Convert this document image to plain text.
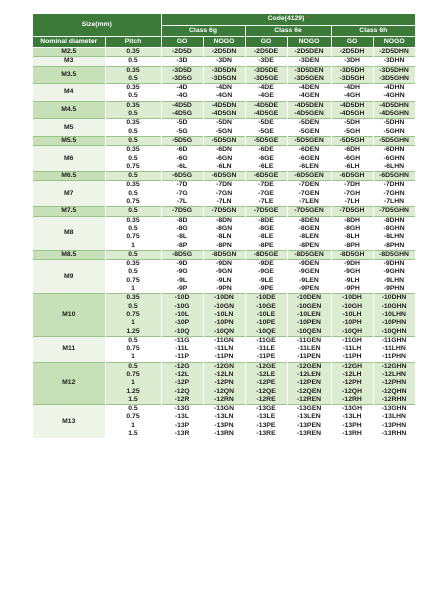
Size(mm)		Code(4129) *					
		Class 6g		Class 6e		Class 6h	
Nominal diameter	Pitch	GO	NOGO	GO	NOGO	GO	NOGO
M2.5	0.35	-2D5D	-2D5DN	-2D5DE	-2D5DEN	-2D5DH	-2D5DHN
M3	0.5	-3D	-3DN	-3DE	-3DEN	-3DH	-3DHN
M3.5	0.35	-3D5D	-3D5DN	-3D5DE	-3D5DEN	-3D5DH	-3D5DHN
	0.5	-3D5G	-3D5GN	-3D5GE	-3D5GEN	-3D5GH	-3D5GHN
M4	0.35	-4D	-4DN	-4DE	-4DEN	-4DH	-4DHN
	0.5	-4G	-4GN	-4GE	-4GEN	-4GH	-4GHN
M4.5	0.35	-4D5D	-4D5DN	-4D5DE	-4D5DEN	-4D5DH	-4D5DHN
	0.5	-4D5G	-4D5GN	-4D5GE	-4D5GEN	-4D5GH	-4D5GHN
M5	0.35	-5D	-5DN	-5DE	-5DEN	-5DH	-5DHN
	0.5	-5G	-5GN	-5GE	-5GEN	-5GH	-5GHN
M5.5	0.5	-5D5G	-5D5GN	-5D5GE	-5D5GEN	-5D5GH	-5D5GHN
M6	0.35	-6D	-6DN	-6DE	-6DEN	-6DH	-6DHN
	0.5	-6G	-6GN	-6GE	-6GEN	-6GH	-6GHN
	0.75	-6L	-6LN	-6LE	-6LEN	-6LH	-6LHN
M6.5	0.5	-6D5G	-6D5GN	-6D5GE	-6D5GEN	-6D5GH	-6D5GHN
M7	0.35	-7D	-7DN	-7DE	-7DEN	-7DH	-7DHN
	0.5	-7G	-7GN	-7GE	-7GEN	-7GH	-7GHN
	0.75	-7L	-7LN	-7LE	-7LEN	-7LH	-7LHN
M7.5	0.5	-7D5G	-7D5GN	-7D5GE	-7D5GEN	-7D5GH	-7D5GHN
M8	0.35	-8D	-8DN	-8DE	-8DEN	-8DH	-8DHN
	0.5	-8G	-8GN	-8GE	-8GEN	-8GH	-8GHN
	0.75	-8L	-8LN	-8LE	-8LEN	-8LH	-8LHN
	1	-8P	-8PN	-8PE	-8PEN	-8PH	-8PHN
M8.5	0.5	-8D5G	-8D5GN	-8D5GE	-8D5GEN	-8D5GH	-8D5GHN
M9	0.35	-9D	-9DN	-9DE	-9DEN	-9DH	-9DHN
	0.5	-9G	-9GN	-9GE	-9GEN	-9GH	-9GHN
	0.75	-9L	-9LN	-9LE	-9LEN	-9LH	-9LHN
	1	-9P	-9PN	-9PE	-9PEN	-9PH	-9PHN
M10	0.35	-10D	-10DN	-10DE	-10DEN	-10DH	-10DHN
	0.5	-10G	-10GN	-10GE	-10GEN	-10GH	-10GHN
	0.75	-10L	-10LN	-10LE	-10LEN	-10LH	-10LHN
	1	-10P	-10PN	-10PE	-10PEN	-10PH	-10PHN
	1.25	-10Q	-10QN	-10QE	-10QEN	-10QH	-10QHN
M11	0.5	-11G	-11GN	-11GE	-11GEN	-11GH	-11GHN
	0.75	-11L	-11LN	-11LE	-11LEN	-11LH	-11LHN
	1	-11P	-11PN	-11PE	-11PEN	-11PH	-11PHN
M12	0.5	-12G	-12GN	-12GE	-12GEN	-12GH	-12GHN
	0.75	-12L	-12LN	-12LE	-12LEN	-12LH	-12LHN
	1	-12P	-12PN	-12PE	-12PEN	-12PH	-12PHN
	1.25	-12Q	-12QN	-12QE	-12QEN	-12QH	-12QHN
	1.5	-12R	-12RN	-12RE	-12REN	-12RH	-12RHN
M13	0.5	-13G	-13GN	-13GE	-13GEN	-13GH	-13GHN
	0.75	-13L	-13LN	-13LE	-13LEN	-13LH	-13LHN
	1	-13P	-13PN	-13PE	-13PEN	-13PH	-13PHN
	1.5	-13R	-13RN	-13RE	-13REN	-13RH	-13RHN
